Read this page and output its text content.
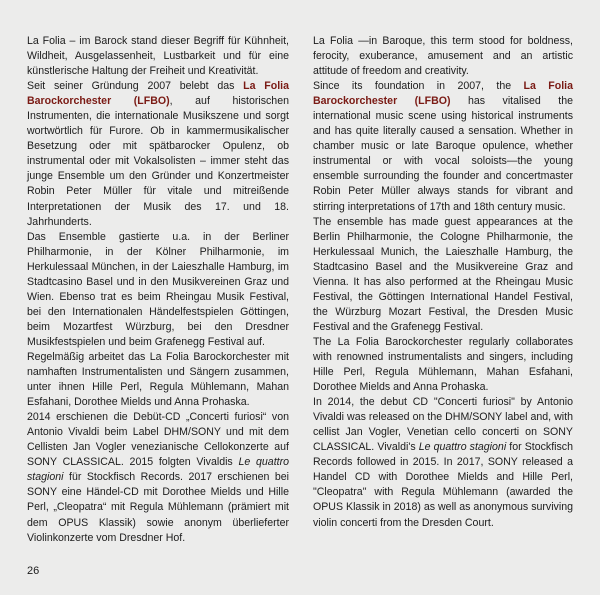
La Folia – im Barock stand dieser Begriff für Kühnheit, Wildheit, Ausgelassenheit, Lustbarkeit und für eine künstlerische Haltung der Freiheit und Kreativität.

Seit seiner Gründung 2007 belebt das La Folia Barockorchester (LFBO), auf historischen Instrumenten, die internationale Musikszene und sorgt wortwörtlich für Furore. Ob in kammermusikalischer Besetzung oder mit spätbarocker Opulenz, ob instrumental oder mit Vokalsolisten – immer steht das junge Ensemble um den Gründer und Konzertmeister Robin Peter Müller für vitale und mitreißende Interpretationen der Musik des 17. und 18. Jahrhunderts.

Das Ensemble gastierte u.a. in der Berliner Philharmonie, in der Kölner Philharmonie, im Herkulessaal München, in der Laieszhalle Hamburg, im Stadtcasino Basel und in den Musikvereinen Graz und Wien. Ebenso trat es beim Rheingau Musik Festival, bei den Internationalen Händelfestspielen Göttingen, beim Mozartfest Würzburg, bei den Dresdner Musikfestspielen und beim Grafenegg Festival auf.

Regelmäßig arbeitet das La Folia Barockorchester mit namhaften Instrumentalisten und Sängern zusammen, unter ihnen Hille Perl, Regula Mühlemann, Mahan Esfahani, Dorothee Mields und Anna Prohaska.

2014 erschienen die Debüt-CD „Concerti furiosi“ von Antonio Vivaldi beim Label DHM/SONY und mit dem Cellisten Jan Vogler venezianische Cellokonzerte auf SONY CLASSICAL. 2015 folgten Vivaldis Le quattro stagioni für Stockfisch Records. 2017 erschienen bei SONY eine Händel-CD mit Dorothee Mields und Hille Perl, „Cleopatra“ mit Regula Mühlemann (prämiert mit dem OPUS Klassik) sowie anonym überlieferter Violinkonzerte vom Dresdner Hof.

La Folia —in Baroque, this term stood for boldness, ferocity, exuberance, amusement and an artistic attitude of freedom and creativity.

Since its foundation in 2007, the La Folia Barockorchester (LFBO) has vitalised the international music scene using historical instruments and has quite literally caused a sensation. Whether in chamber music or late Baroque opulence, whether instrumental or with vocal soloists—the young ensemble surrounding the founder and concertmaster Robin Peter Müller always stands for vibrant and stirring interpretations of 17th and 18th century music.

The ensemble has made guest appearances at the Berlin Philharmonie, the Cologne Philharmonie, the Herkulessaal Munich, the Laieszhalle Hamburg, the Stadtcasino Basel and the Musikvereine Graz and Vienna. It has also performed at the Rheingau Music Festival, the Göttingen International Handel Festival, the Würzburg Mozart Festival, the Dresden Music Festival and the Grafenegg Festival.

The La Folia Barockorchester regularly collaborates with renowned instrumentalists and singers, including Hille Perl, Regula Mühlemann, Mahan Esfahani, Dorothee Mields and Anna Prohaska.

In 2014, the debut CD "Concerti furiosi" by Antonio Vivaldi was released on the DHM/SONY label and, with cellist Jan Vogler, Venetian cello concerti on SONY CLASSICAL. Vivaldi's Le quattro stagioni for Stockfisch Records followed in 2015. In 2017, SONY released a Handel CD with Dorothee Mields and Hille Perl, "Cleopatra" with Regula Mühlemann (awarded the OPUS Klassik in 2018) as well as anonymous surviving violin concerti from the Dresden Court.

26
